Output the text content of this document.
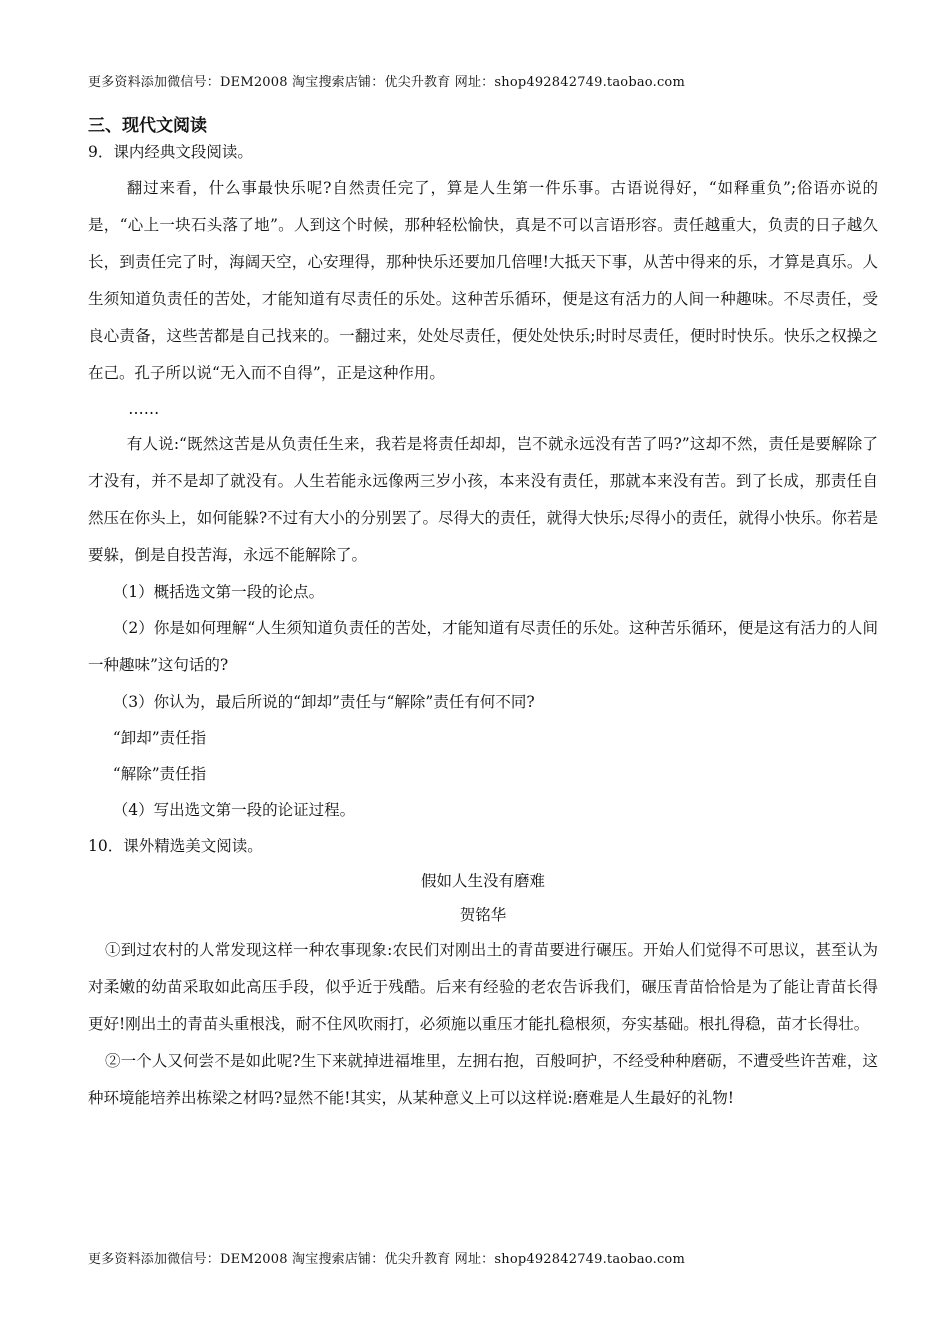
更多资料添加微信号：DEM2008 淘宝搜索店铺：优尖升教育 网址：shop492842749.taobao.com

三、现代文阅读

9．课内经典文段阅读。

翻过来看，什么事最快乐呢?自然责任完了，算是人生第一件乐事。古语说得好，“如释重负”;俗语亦说的是，“心上一块石头落了地”。人到这个时候，那种轻松愉快，真是不可以言语形容。责任越重大，负责的日子越久长，到责任完了时，海阔天空，心安理得，那种快乐还要加几倍哩!大抵天下事，从苦中得来的乐，才算是真乐。人生须知道负责任的苦处，才能知道有尽责任的乐处。这种苦乐循环，便是这有活力的人间一种趣味。不尽责任，受良心责备，这些苦都是自己找来的。一翻过来，处处尽责任，便处处快乐;时时尽责任，便时时快乐。快乐之权操之在己。孔子所以说“无入而不自得”，正是这种作用。

……

有人说:“既然这苦是从负责任生来，我若是将责任却却，岂不就永远没有苦了吗?”这却不然，责任是要解除了才没有，并不是却了就没有。人生若能永远像两三岁小孩，本来没有责任，那就本来没有苦。到了长成，那责任自然压在你头上，如何能躲?不过有大小的分别罢了。尽得大的责任，就得大快乐;尽得小的责任，就得小快乐。你若是要躲，倒是自投苦海，永远不能解除了。

（1）概括选文第一段的论点。

（2）你是如何理解“人生须知道负责任的苦处，才能知道有尽责任的乐处。这种苦乐循环，便是这有活力的人间一种趣味”这句话的?

（3）你认为，最后所说的“卸却”责任与“解除”责任有何不同?

“卸却”责任指

“解除”责任指

（4）写出选文第一段的论证过程。

10．课外精选美文阅读。

假如人生没有磨难

贺铭华

①到过农村的人常发现这样一种农事现象:农民们对刚出土的青苗要进行碾压。开始人们觉得不可思议，甚至认为对柔嫩的幼苗采取如此高压手段，似乎近于残酷。后来有经验的老农告诉我们，碾压青苗恰恰是为了能让青苗长得更好!刚出土的青苗头重根浅，耐不住风吹雨打，必须施以重压才能扎稳根须，夯实基础。根扎得稳，苗才长得壮。

②一个人又何尝不是如此呢?生下来就掉进福堆里，左拥右抱，百般呵护，不经受种种磨砺，不遭受些许苦难，这种环境能培养出栋梁之材吗?显然不能!其实，从某种意义上可以这样说:磨难是人生最好的礼物!

更多资料添加微信号：DEM2008 淘宝搜索店铺：优尖升教育 网址：shop492842749.taobao.com
